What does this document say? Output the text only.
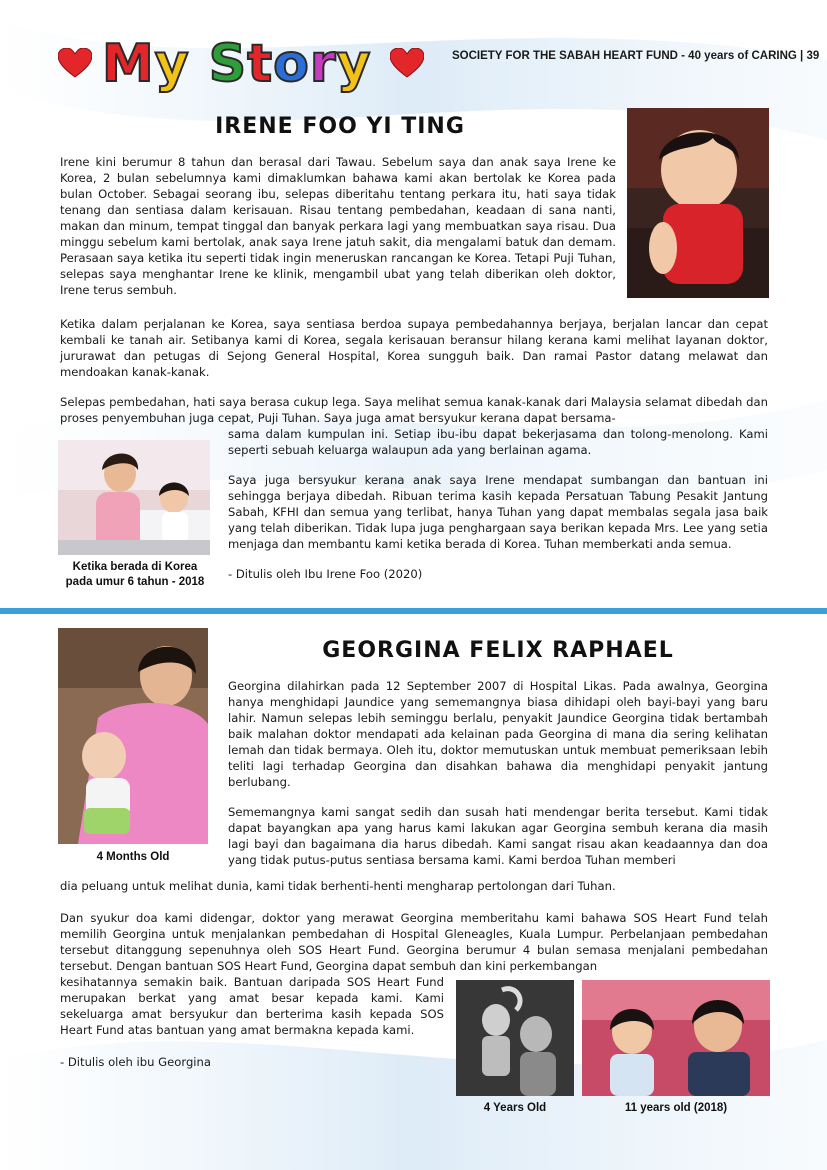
My Story	SOCIETY FOR THE SABAH HEART FUND - 40 years of CARING | 39
IRENE FOO YI TING

Irene kini berumur 8 tahun dan berasal dari Tawau. Sebelum saya dan anak saya Irene ke Korea, 2 bulan sebelumnya kami dimaklumkan bahawa kami akan bertolak ke Korea pada bulan October. Sebagai seorang ibu, selepas diberitahu tentang perkara itu, hati saya tidak tenang dan sentiasa dalam kerisauan. Risau tentang pembedahan, keadaan di sana nanti, makan dan minum, tempat tinggal dan banyak perkara lagi yang membuatkan saya risau. Dua minggu sebelum kami bertolak, anak saya Irene jatuh sakit, dia mengalami batuk dan demam. Perasaan saya ketika itu seperti tidak ingin meneruskan rancangan ke Korea. Tetapi Puji Tuhan, selepas saya menghantar Irene ke klinik, mengambil ubat yang telah diberikan oleh doktor, Irene terus sembuh.

Ketika dalam perjalanan ke Korea, saya sentiasa berdoa supaya pembedahannya berjaya, berjalan lancar dan cepat kembali ke tanah air. Setibanya kami di Korea, segala kerisauan beransur hilang kerana kami melihat layanan doktor, jururawat dan petugas di Sejong General Hospital, Korea sungguh baik. Dan ramai Pastor datang melawat dan mendoakan kanak-kanak.

Selepas pembedahan, hati saya berasa cukup lega. Saya melihat semua kanak-kanak dari Malaysia selamat dibedah dan proses penyembuhan juga cepat, Puji Tuhan. Saya juga amat bersyukur kerana dapat bersama-

Ketika berada di Korea
pada umur 6 tahun - 2018

sama dalam kumpulan ini. Setiap ibu-ibu dapat bekerjasama dan tolong-menolong. Kami seperti sebuah keluarga walaupun ada yang berlainan agama.

Saya juga bersyukur kerana anak saya Irene mendapat sumbangan dan bantuan ini sehingga berjaya dibedah. Ribuan terima kasih kepada Persatuan Tabung Pesakit Jantung Sabah, KFHI dan semua yang terlibat, hanya Tuhan yang dapat membalas segala jasa baik yang telah diberikan. Tidak lupa juga penghargaan saya berikan kepada Mrs. Lee yang setia menjaga dan membantu kami ketika berada di Korea. Tuhan memberkati anda semua.

- Ditulis oleh Ibu Irene Foo (2020)

4 Months Old
GEORGINA FELIX RAPHAEL

Georgina dilahirkan pada 12 September 2007 di Hospital Likas. Pada awalnya, Georgina hanya menghidapi Jaundice yang sememangnya biasa dihidapi oleh bayi-bayi yang baru lahir. Namun selepas lebih seminggu berlalu, penyakit Jaundice Georgina tidak bertambah baik malahan doktor mendapati ada kelainan pada Georgina di mana dia sering kelihatan lemah dan tidak bermaya. Oleh itu, doktor memutuskan untuk membuat pemeriksaan lebih teliti lagi terhadap Georgina dan disahkan bahawa dia menghidapi penyakit jantung berlubang.

Sememangnya kami sangat sedih dan susah hati mendengar berita tersebut. Kami tidak dapat bayangkan apa yang harus kami lakukan agar Georgina sembuh kerana dia masih lagi bayi dan bagaimana dia harus dibedah. Kami sangat risau akan keadaannya dan doa yang tidak putus-putus sentiasa bersama kami. Kami berdoa Tuhan memberi

dia peluang untuk melihat dunia, kami tidak berhenti-henti mengharap pertolongan dari Tuhan.

Dan syukur doa kami didengar, doktor yang merawat Georgina memberitahu kami bahawa SOS Heart Fund telah memilih Georgina untuk menjalankan pembedahan di Hospital Gleneagles, Kuala Lumpur. Perbelanjaan pembedahan tersebut ditanggung sepenuhnya oleh SOS Heart Fund. Georgina berumur 4 bulan semasa menjalani pembedahan tersebut. Dengan bantuan SOS Heart Fund, Georgina dapat sembuh dan kini perkembangan

kesihatannya semakin baik. Bantuan daripada SOS Heart Fund merupakan berkat yang amat besar kepada kami. Kami sekeluarga amat bersyukur dan berterima kasih kepada SOS Heart Fund atas bantuan yang amat bermakna kepada kami.

- Ditulis oleh ibu Georgina

4 Years Old	11 years old (2018)
